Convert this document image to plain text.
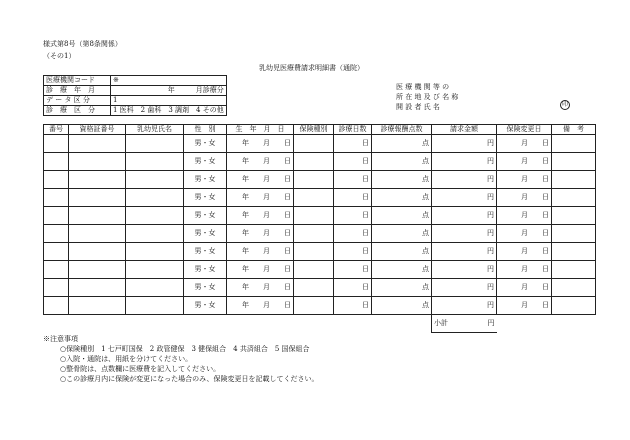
様式第8号（第8条関係）
（その1）
乳幼児医療費請求明細書（通院）
医療機関コード	※
診　療　年　月	年　　　月診療分
デ ー タ 区 分	1
診　療　区　分	1 医科　2 歯科　3 調剤　4 その他
医 療 機 関 等 の
所 在 地 及 び 名 称
開 設 者 氏 名	印
番号	資格証番号	乳幼児氏名	性　別	生　年　月　日	保険種別	診療日数	診療報酬点数	請求金額	保険変更日	備　考
			男・女	年　　月　　日		日	点	円	月　　日	
			男・女	年　　月　　日		日	点	円	月　　日	
			男・女	年　　月　　日		日	点	円	月　　日	
			男・女	年　　月　　日		日	点	円	月　　日	
			男・女	年　　月　　日		日	点	円	月　　日	
			男・女	年　　月　　日		日	点	円	月　　日	
			男・女	年　　月　　日		日	点	円	月　　日	
			男・女	年　　月　　日		日	点	円	月　　日	
			男・女	年　　月　　日		日	点	円	月　　日	
			男・女	年　　月　　日		日	点	円	月　　日	
								小計 円		

※注意事項
○保険種別　1 七戸町国保　2 政管健保　3 健保組合　4 共済組合　5 国保組合
○入院・通院は、用紙を分けてください。
○整骨院は、点数欄に医療費を記入してください。
○この診療月内に保険が変更になった場合のみ、保険変更日を記載してください。
